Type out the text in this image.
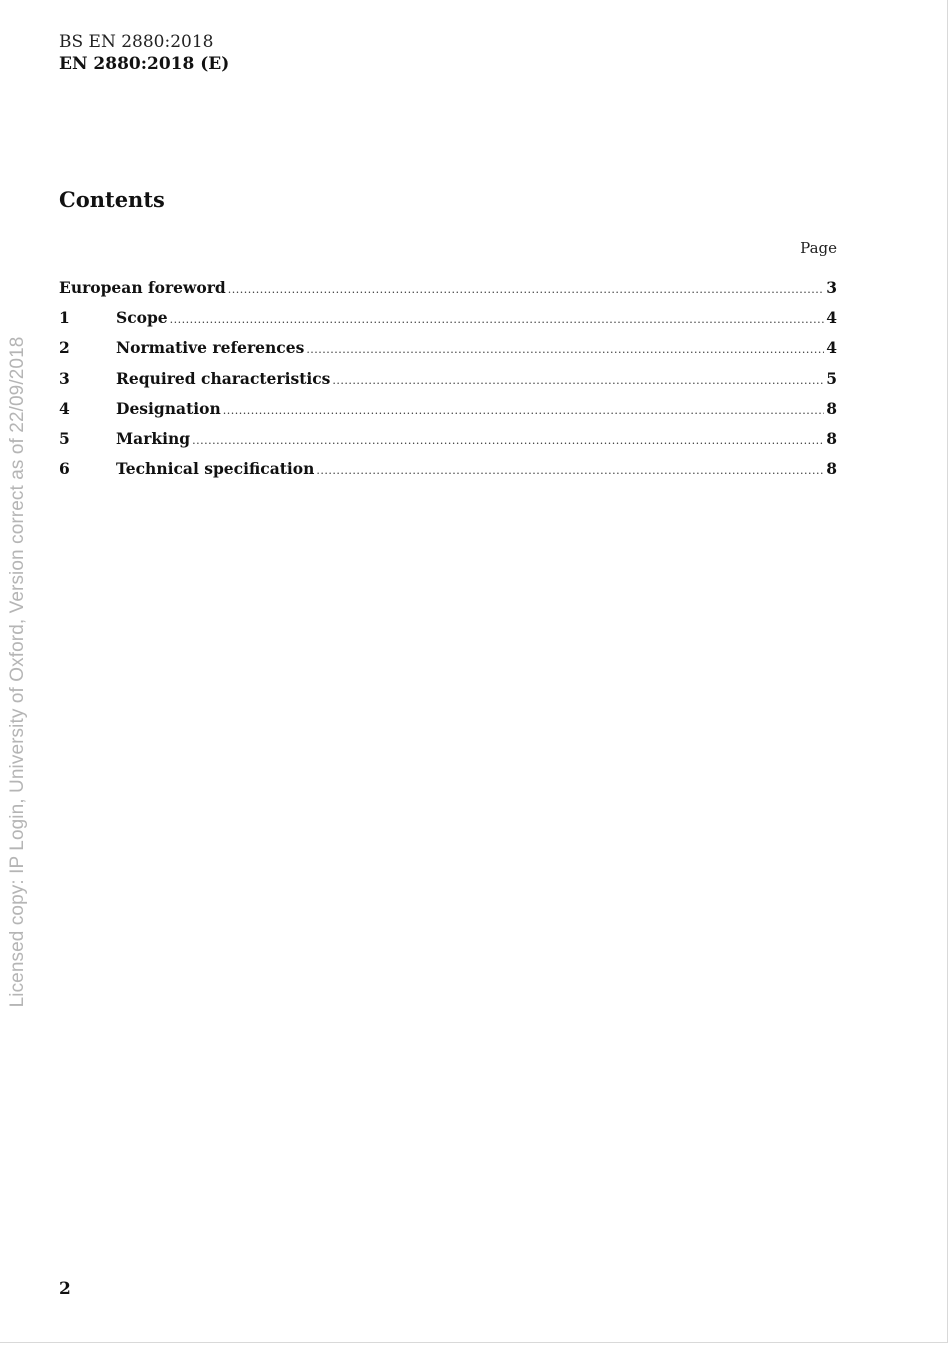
BS EN 2880:2018
EN 2880:2018 (E)
Contents
Page
European foreword .....	3
1	Scope .....	4
2	Normative references .....	4
3	Required characteristics .....	5
4	Designation .....	8
5	Marking .....	8
6	Technical specification .....	8
2
Licensed copy: IP Login, University of Oxford, Version correct as of 22/09/2018
